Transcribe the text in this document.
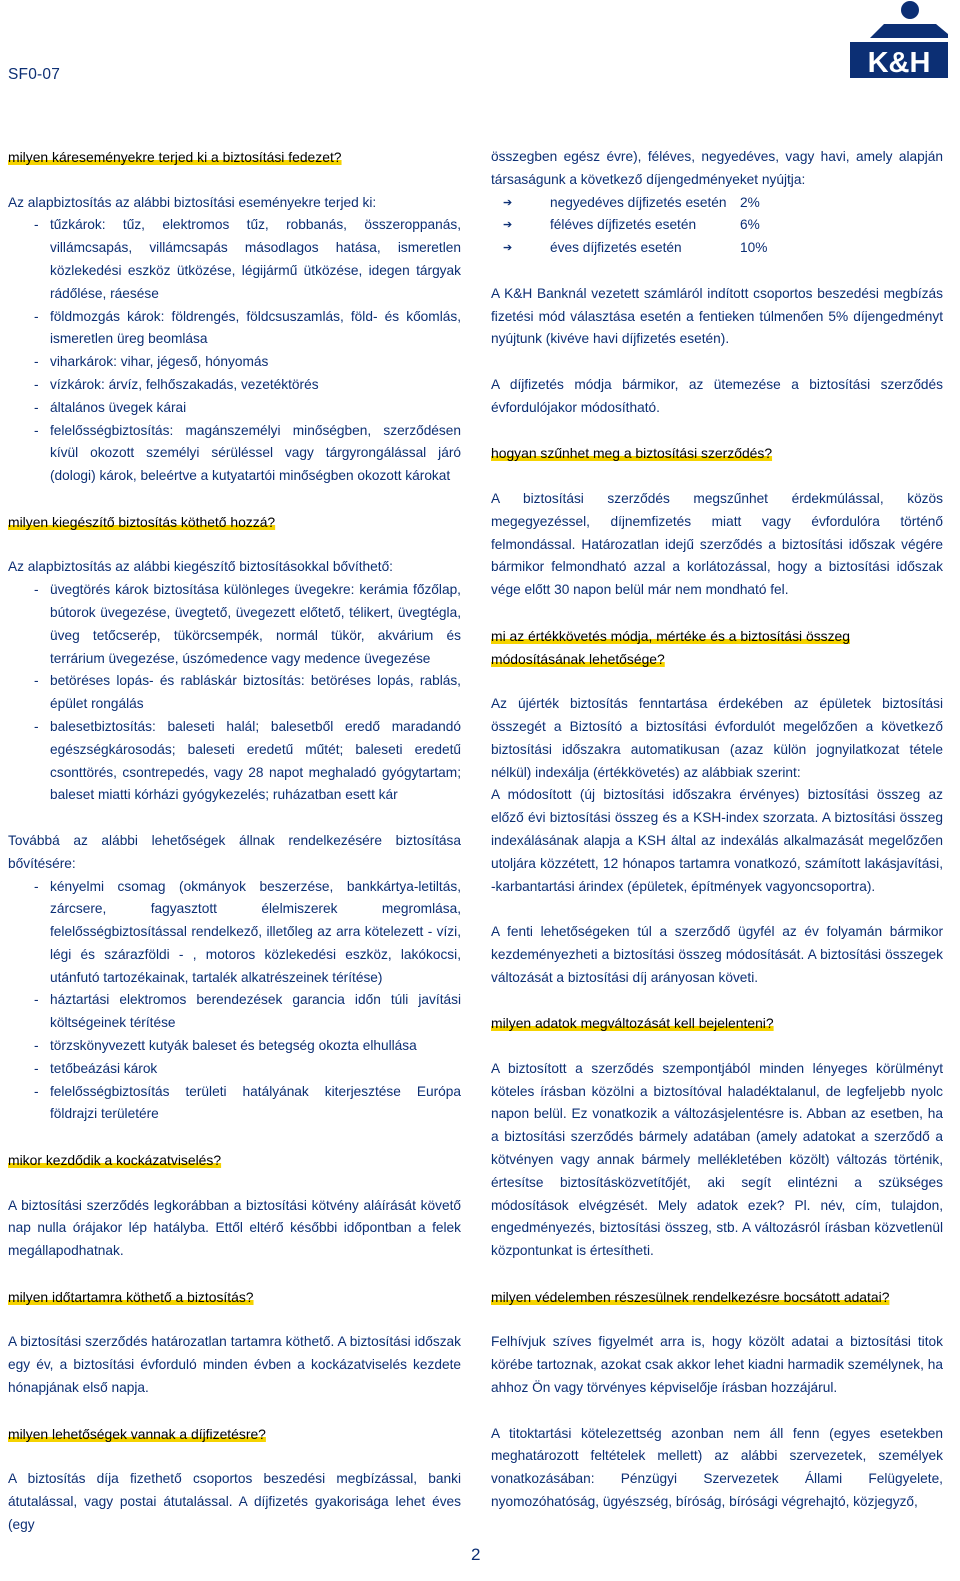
SF0-07	K&H
milyen káreseményekre terjed ki a biztosítási fedezet?

Az alapbiztosítás az alábbi biztosítási eseményekre terjed ki:

- tűzkárok: tűz, elektromos tűz, robbanás, összeroppanás, villámcsapás, villámcsapás másodlagos hatása, ismeretlen közlekedési eszköz ütközése, légijármű ütközése, idegen tárgyak rádőlése, ráesése
- földmozgás károk: földrengés, földcsuszamlás, föld- és kőomlás, ismeretlen üreg beomlása
- viharkárok: vihar, jégeső, hónyomás
- vízkárok: árvíz, felhőszakadás, vezetéktörés
- általános üvegek kárai
- felelősségbiztosítás: magánszemélyi minőségben, szerződésen kívül okozott személyi sérüléssel vagy tárgyrongálással járó (dologi) károk, beleértve a kutyatartói minőségben okozott károkat
milyen kiegészítő biztosítás köthető hozzá?

Az alapbiztosítás az alábbi kiegészítő biztosításokkal bővíthető:

- üvegtörés károk biztosítása különleges üvegekre: kerámia főzőlap, bútorok üvegezése, üvegtető, üvegezett előtető, télikert, üvegtégla, üveg tetőcserép, tükörcsempék, normál tükör, akvárium és terrárium üvegezése, úszómedence vagy medence üvegezése
- betöréses lopás- és rabláskár biztosítás: betöréses lopás, rablás, épület rongálás
- balesetbiztosítás: baleseti halál; balesetből eredő maradandó egészségkárosodás; baleseti eredetű műtét; baleseti eredetű csonttörés, csontrepedés, vagy 28 napot meghaladó gyógytartam; baleset miatti kórházi gyógykezelés; ruházatban esett kár

Továbbá az alábbi lehetőségek állnak rendelkezésére biztosítása bővítésére:

- kényelmi csomag (okmányok beszerzése, bankkártya-letiltás, zárcsere, fagyasztott élelmiszerek megromlása, felelősségbiztosítással rendelkező, illetőleg az arra kötelezett - vízi, légi és szárazföldi - , motoros közlekedési eszköz, lakókocsi, utánfutó tartozékainak, tartalék alkatrészeinek térítése)
- háztartási elektromos berendezések garancia időn túli javítási költségeinek térítése
- törzskönyvezett kutyák baleset és betegség okozta elhullása
- tetőbeázási károk
- felelősségbiztosítás területi hatályának kiterjesztése Európa földrajzi területére
mikor kezdődik a kockázatviselés?

A biztosítási szerződés legkorábban a biztosítási kötvény aláírását követő nap nulla órájakor lép hatályba. Ettől eltérő későbbi időpontban a felek megállapodhatnak.

milyen időtartamra köthető a biztosítás?

A biztosítási szerződés határozatlan tartamra köthető. A biztosítási időszak egy év, a biztosítási évforduló minden évben a kockázatviselés kezdete hónapjának első napja.

milyen lehetőségek vannak a díjfizetésre?

A biztosítás díja fizethető csoportos beszedési megbízással, banki átutalással, vagy postai átutalással. A díjfizetés gyakorisága lehet éves (egy

összegben egész évre), féléves, negyedéves, vagy havi, amely alapján társaságunk a következő díjengedményeket nyújtja:

➔	negyedéves díjfizetés esetén 2%
➔	féléves díjfizetés esetén	6%
➔	éves díjfizetés esetén	10%

A K&H Banknál vezetett számláról indított csoportos beszedési megbízás fizetési mód választása esetén a fentieken túlmenően 5% díjengedményt nyújtunk (kivéve havi díjfizetés esetén).

A díjfizetés módja bármikor, az ütemezése a biztosítási szerződés évfordulójakor módosítható.

hogyan szűnhet meg a biztosítási szerződés?

A biztosítási szerződés megszűnhet érdekmúlással, közös megegyezéssel, díjnemfizetés miatt vagy évfordulóra történő felmondással. Határozatlan idejű szerződés a biztosítási időszak végére bármikor felmondható azzal a korlátozással, hogy a biztosítási időszak vége előtt 30 napon belül már nem mondható fel.

mi az értékkövetés módja, mértéke és a biztosítási összeg módosításának lehetősége?

Az újérték biztosítás fenntartása érdekében az épületek biztosítási összegét a Biztosító a biztosítási évfordulót megelőzően a következő biztosítási időszakra automatikusan (azaz külön jognyilatkozat tétele nélkül) indexálja (értékkövetés) az alábbiak szerint:

A módosított (új biztosítási időszakra érvényes) biztosítási összeg az előző évi biztosítási összeg és a KSH-index szorzata. A biztosítási összeg indexálásának alapja a KSH által az indexálás alkalmazását megelőzően utoljára közzétett, 12 hónapos tartamra vonatkozó, számított lakásjavítási, -karbantartási árindex (épületek, építmények vagyoncsoportra).

A fenti lehetőségeken túl a szerződő ügyfél az év folyamán bármikor kezdeményezheti a biztosítási összeg módosítását. A biztosítási összegek változását a biztosítási díj arányosan követi.

milyen adatok megváltozását kell bejelenteni?

A biztosított a szerződés szempontjából minden lényeges körülményt köteles írásban közölni a biztosítóval haladéktalanul, de legfeljebb nyolc napon belül. Ez vonatkozik a változásjelentésre is. Abban az esetben, ha a biztosítási szerződés bármely adatában (amely adatokat a szerződő a kötvényen vagy annak bármely mellékletében közölt) változás történik, értesítse biztosításközvetítőjét, aki segít elintézni a szükséges módosítások elvégzését. Mely adatok ezek? Pl. név, cím, tulajdon, engedményezés, biztosítási összeg, stb. A változásról írásban közvetlenül központunkat is értesítheti.

milyen védelemben részesülnek rendelkezésre bocsátott adatai?

Felhívjuk szíves figyelmét arra is, hogy közölt adatai a biztosítási titok körébe tartoznak, azokat csak akkor lehet kiadni harmadik személynek, ha ahhoz Ön vagy törvényes képviselője írásban hozzájárul.

A titoktartási kötelezettség azonban nem áll fenn (egyes esetekben meghatározott feltételek mellett) az alábbi szervezetek, személyek vonatkozásában: Pénzügyi Szervezetek Állami Felügyelete, nyomozóhatóság, ügyészség, bíróság, bírósági végrehajtó, közjegyző,

2
